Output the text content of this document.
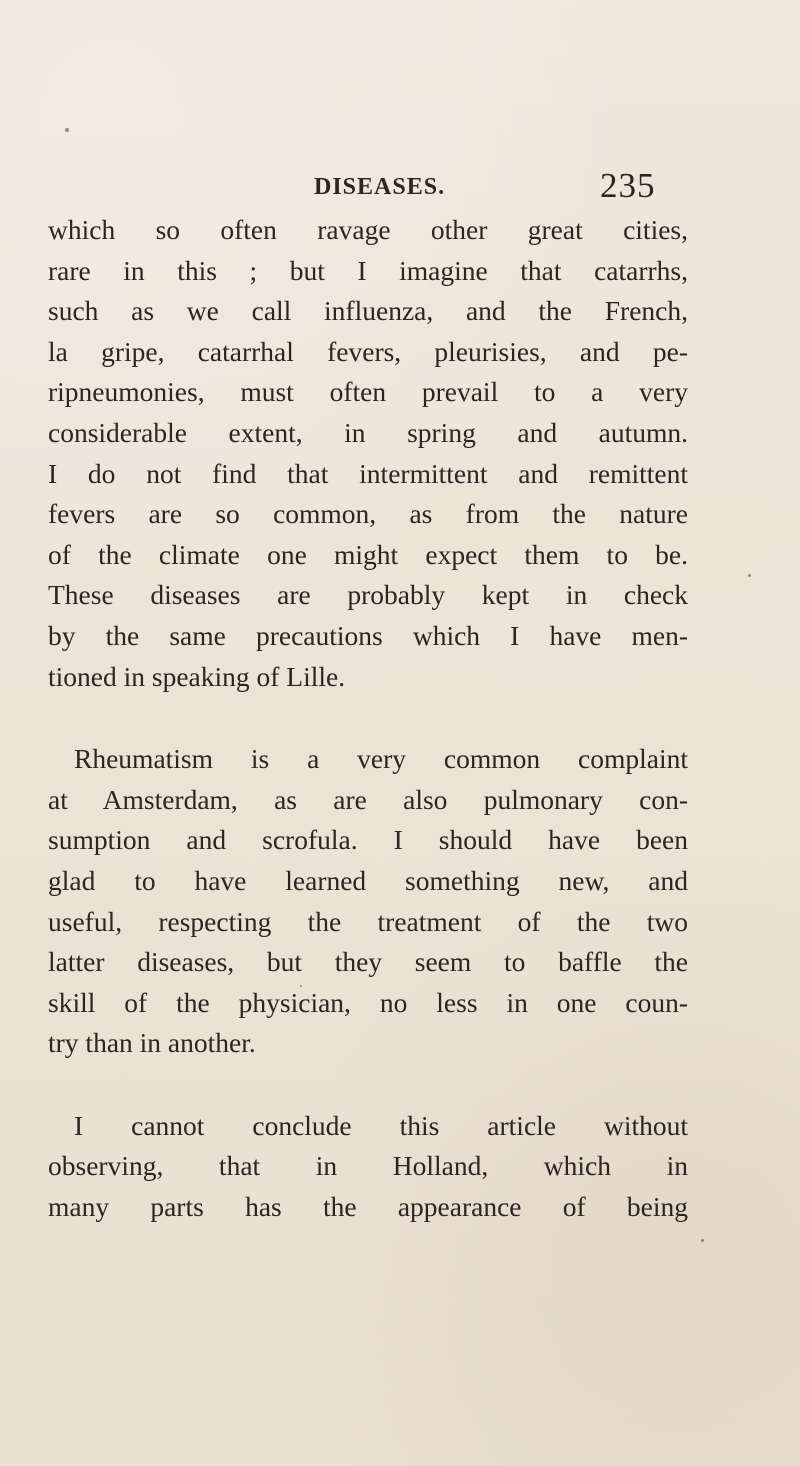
DISEASES.	235
which so often ravage other great cities,
rare in this ; but I imagine that catarrhs,
such as we call influenza, and the French,
la gripe, catarrhal fevers, pleurisies, and pe-
ripneumonies, must often prevail to a very
considerable extent, in spring and autumn.
I do not find that intermittent and remittent
fevers are so common, as from the nature
of the climate one might expect them to be.
These diseases are probably kept in check
by the same precautions which I have men-
tioned in speaking of Lille.
Rheumatism is a very common complaint
at Amsterdam, as are also pulmonary con-
sumption and scrofula. I should have been
glad to have learned something new, and
useful, respecting the treatment of the two
latter diseases, but they seem to baffle the
skill of the physician, no less in one coun-
try than in another.
I cannot conclude this article without
observing, that in Holland, which in
many parts has the appearance of being
